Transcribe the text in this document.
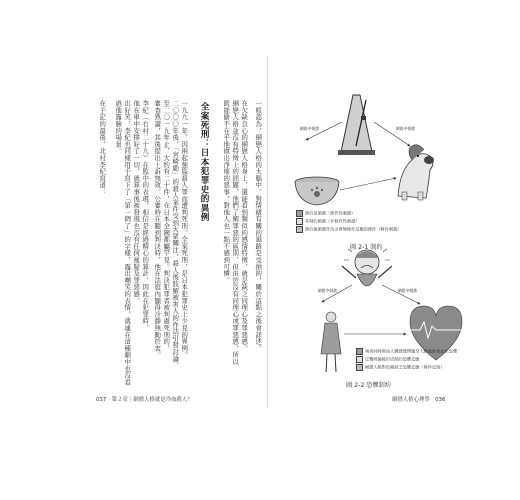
一般認為，網戀人格的大腦中，對情緒有關的迴路是受損的，關於這點之後會詳述。
在欠缺良心的網戀人格身上，還能看到類似的感情特徵，就是缺乏同理心及罪惡感。
網戀人格並沒有特徵上的問題，他們了解罪惡的區別，但由於沒有同理心或罪惡感，所以
既能偷不在乎地做出淨壞的惡事，對他人也一點不感到可憐。
全案死刑：日本犯罪史的異例
一九九一年，因兩起強盜殺人罪而遭判死刑。全案死刑，是日本犯罪史上少見的異例。
二〇〇〇年後，「宮崎勤」的殺人案件受到大眾關注，殺人後肢解被害人的作法引發討論。
至二〇一九年止，大約有二十件，在日本全國都屬罕見。判決犯罪者被判處死刑的，
審查熟讀，其後提出上訴無效。公審時在聽到判決時，他在法庭內顯得冷靜無動於衷。
李紀（右村二十九）在監中的表現，相信是經過精心的算計，因此在犯罪時，
他在車中安排好了一切，就算事後被發現也沒有任何遲疑及罪惡感。
出好笑，李紀也同樣用手寫下了「第一個了」的字樣，露出嘲笑的表情，就連在這種劇中也沒看
過他露臉的場景。
在手記的最後，北村李紀寫道：
037　第２章｜網戀人格就是冷血殺人？	網戀人格心理學　036
網路中刺激	網路中刺激
制約前刺激（條件性刺激）
非制約刺激（非條件性刺激）
制約後刺激作為引發無條件反應的條件（條件刺激）
圖 2-1 制約
網路中刺激	網路中刺激
兩者同時經由人體感覺傳遞至大腦處理後產生恐懼
反覆經驗後形成制約恐懼反應
網戀人格對危險缺乏恐懼反應（條件反射）
圖 2-2 恐懼制約
